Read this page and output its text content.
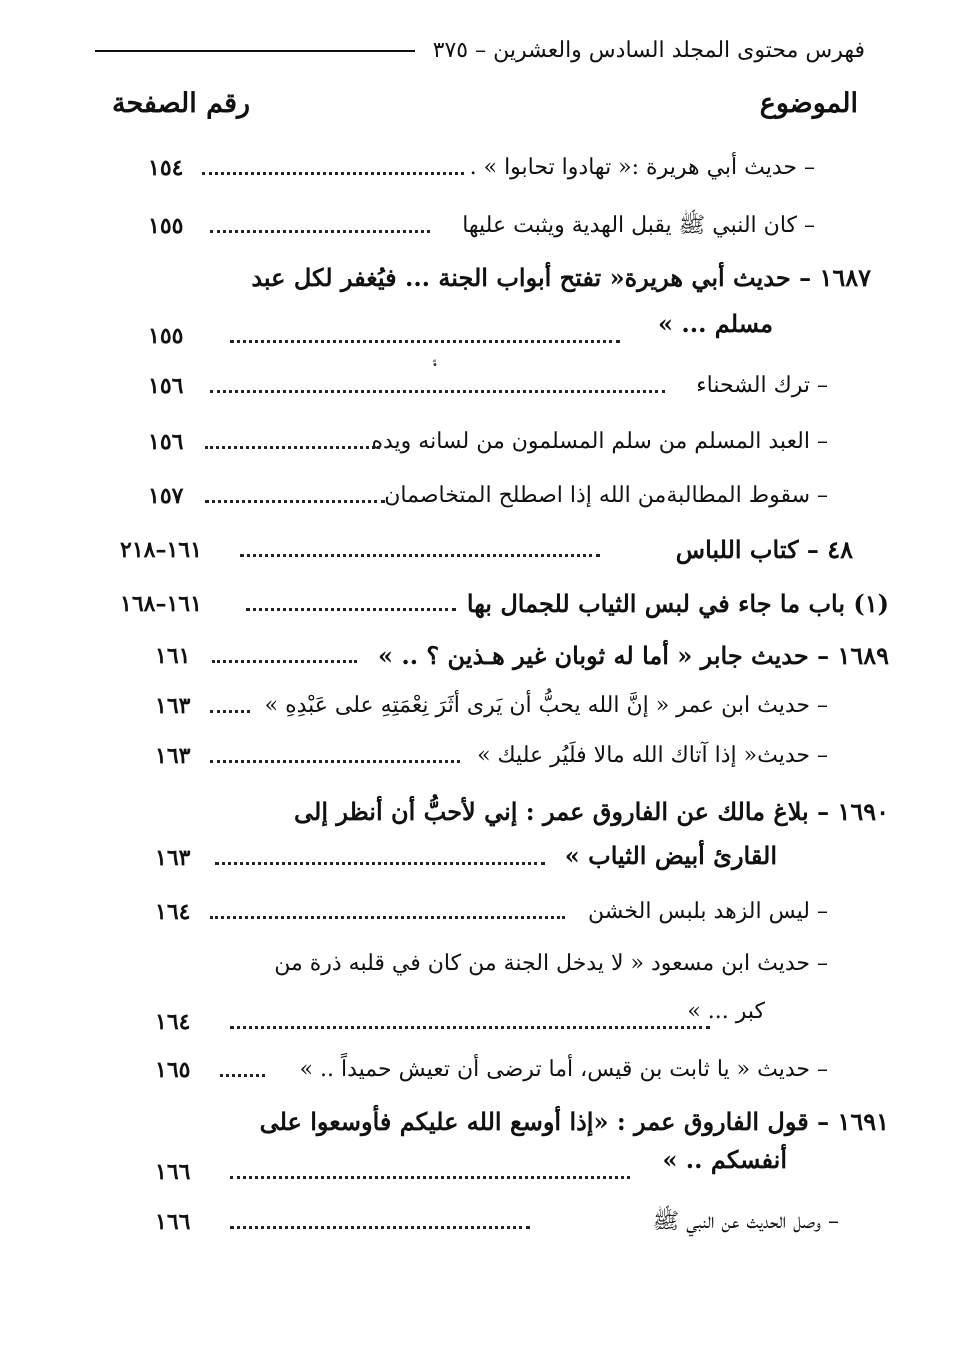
فهرس محتوى المجلد السادس والعشرين – ٣٧٥
الموضوع
رقم الصفحة
•ّ
– حديث أبي هريرة :« تهادوا تحابوا » .
١٥٤
– كان النبي ﷺ يقبل الهدية ويثبت عليها
١٥٥
١٦٨٧ – حديث أبي هريرة« تفتح أبواب الجنة ... فيُغفر لكل عبد
مسلم ... »
١٥٥
– ترك الشحناء
١٥٦
– العبد المسلم من سلم المسلمون من لسانه ويده
١٥٦
– سقوط المطالبةمن الله إذا اصطلح المتخاصمان
١٥٧
٤٨ – كتاب اللباس
١٦١–٢١٨
(١) باب ما جاء في لبس الثياب للجمال بها
١٦١–١٦٨
١٦٨٩ – حديث جابر « أما له ثوبان غير هـذين ؟ .. »
١٦١
– حديث ابن عمر « إنَّ الله يحبُّ أن يَرى أثَرَ نِعْمَتِهِ على عَبْدِهِ »
١٦٣
– حديث« إذا آتاك الله مالا فلَيُر عليك »
١٦٣
١٦٩٠ – بلاغ مالك عن الفاروق عمر : إني لأحبُّ أن أنظر إلى
القارئ أبيض الثياب »
١٦٣
– ليس الزهد بلبس الخشن
١٦٤
– حديث ابن مسعود « لا يدخل الجنة من كان في قلبه ذرة من
كبر ... »
١٦٤
– حديث « يا ثابت بن قيس، أما ترضى أن تعيش حميداً .. »
١٦٥
١٦٩١ – قول الفاروق عمر : «إذا أوسع الله عليكم فأوسعوا على
أنفسكم .. »
١٦٦
– وصل الحديث عن النبي ﷺ
١٦٦
